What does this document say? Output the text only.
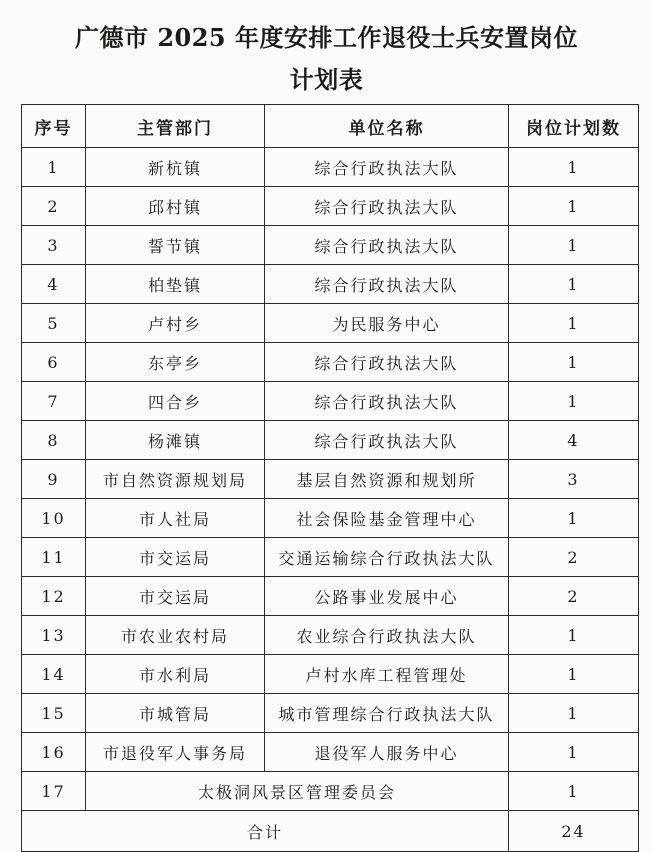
广德市 2025 年度安排工作退役士兵安置岗位
计划表
序号	主管部门	单位名称	岗位计划数
1	新杭镇	综合行政执法大队	1
2	邱村镇	综合行政执法大队	1
3	誓节镇	综合行政执法大队	1
4	柏垫镇	综合行政执法大队	1
5	卢村乡	为民服务中心	1
6	东亭乡	综合行政执法大队	1
7	四合乡	综合行政执法大队	1
8	杨滩镇	综合行政执法大队	4
9	市自然资源规划局	基层自然资源和规划所	3
10	市人社局	社会保险基金管理中心	1
11	市交运局	交通运输综合行政执法大队	2
12	市交运局	公路事业发展中心	2
13	市农业农村局	农业综合行政执法大队	1
14	市水利局	卢村水库工程管理处	1
15	市城管局	城市管理综合行政执法大队	1
16	市退役军人事务局	退役军人服务中心	1
17	太极洞风景区管理委员会		1
合计			24
